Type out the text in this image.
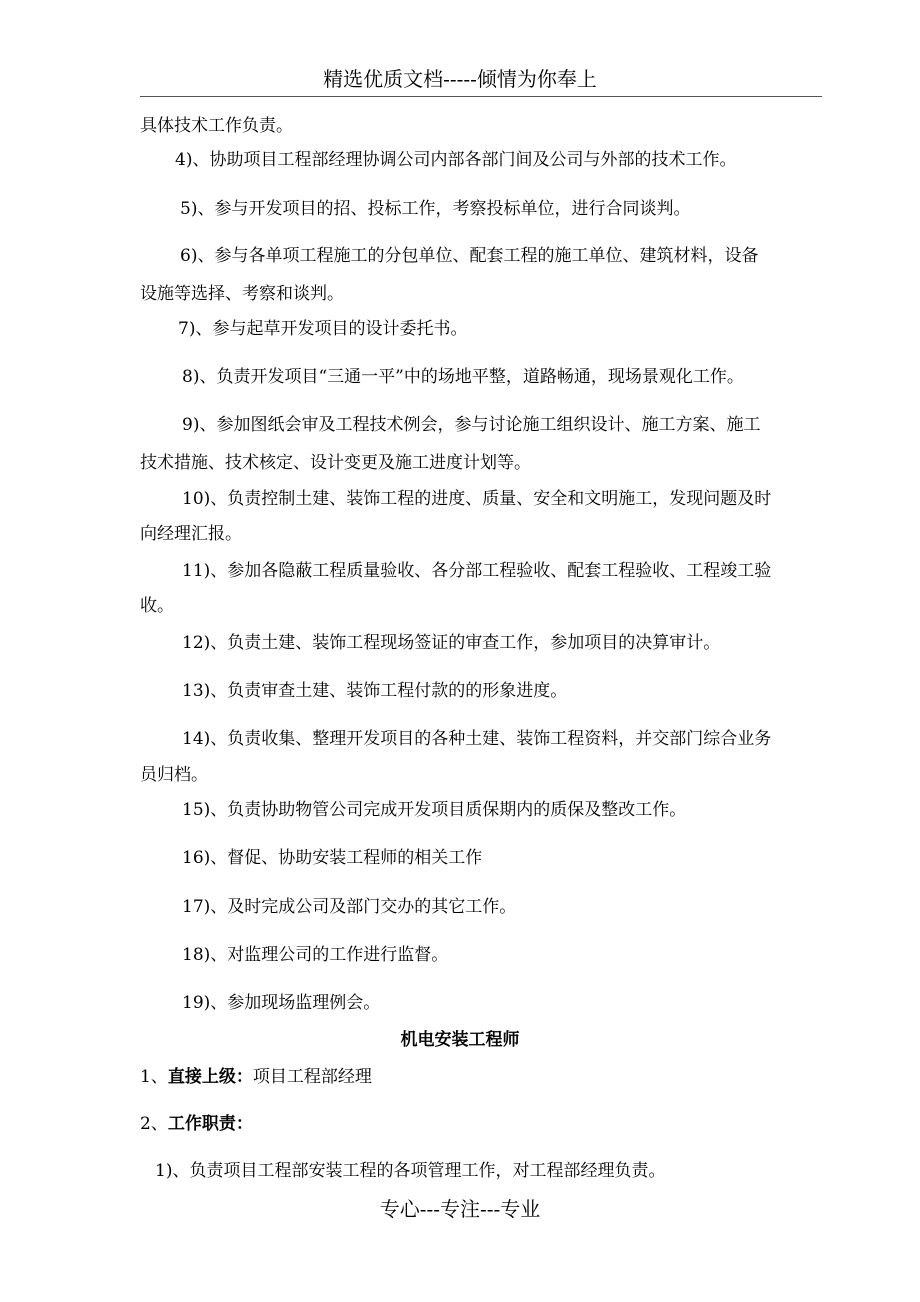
精选优质文档-----倾情为你奉上
具体技术工作负责。
4)、协助项目工程部经理协调公司内部各部门间及公司与外部的技术工作。
5)、参与开发项目的招、投标工作，考察投标单位，进行合同谈判。
6)、参与各单项工程施工的分包单位、配套工程的施工单位、建筑材料，设备
设施等选择、考察和谈判。
7)、参与起草开发项目的设计委托书。
8)、负责开发项目“三通一平”中的场地平整，道路畅通，现场景观化工作。
9)、参加图纸会审及工程技术例会，参与讨论施工组织设计、施工方案、施工
技术措施、技术核定、设计变更及施工进度计划等。
10)、负责控制土建、装饰工程的进度、质量、安全和文明施工，发现问题及时
向经理汇报。
11)、参加各隐蔽工程质量验收、各分部工程验收、配套工程验收、工程竣工验
收。
12)、负责土建、装饰工程现场签证的审查工作，参加项目的决算审计。
13)、负责审查土建、装饰工程付款的的形象进度。
14)、负责收集、整理开发项目的各种土建、装饰工程资料，并交部门综合业务
员归档。
15)、负责协助物管公司完成开发项目质保期内的质保及整改工作。
16)、督促、协助安装工程师的相关工作
17)、及时完成公司及部门交办的其它工作。
18)、对监理公司的工作进行监督。
19)、参加现场监理例会。
机电安装工程师
1、直接上级：项目工程部经理
2、工作职责：
1)、负责项目工程部安装工程的各项管理工作，对工程部经理负责。
专心---专注---专业
